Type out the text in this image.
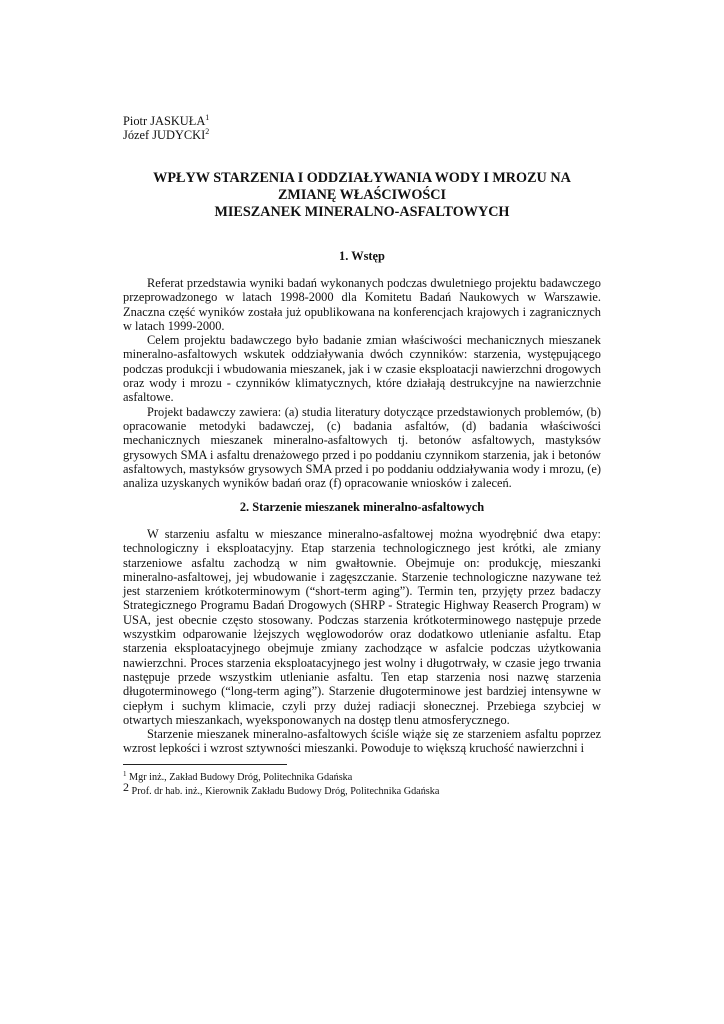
Piotr JASKUŁA$^1$
Józef JUDYCKI$^2$
WPŁYW STARZENIA I ODDZIAŁYWANIA WODY I MROZU NA
ZMIANĘ WŁAŚCIWOŚCI
MIESZANEK MINERALNO-ASFALTOWYCH
1. Wstęp

Referat przedstawia wyniki badań wykonanych podczas dwuletniego projektu badawczego przeprowadzonego w latach 1998-2000 dla Komitetu Badań Naukowych w Warszawie. Znaczna część wyników została już opublikowana na konferencjach krajowych i zagranicznych w latach 1999-2000.

Celem projektu badawczego było badanie zmian właściwości mechanicznych mieszanek mineralno-asfaltowych wskutek oddziaływania dwóch czynników: starzenia, występującego podczas produkcji i wbudowania mieszanek, jak i w czasie eksploatacji nawierzchni drogowych oraz wody i mrozu - czynników klimatycznych, które działają destrukcyjne na nawierzchnie asfaltowe.

Projekt badawczy zawiera: (a) studia literatury dotyczące przedstawionych problemów, (b) opracowanie metodyki badawczej, (c) badania asfaltów, (d) badania właściwości mechanicznych mieszanek mineralno-asfaltowych tj. betonów asfaltowych, mastyksów grysowych SMA i asfaltu drenażowego przed i po poddaniu czynnikom starzenia, jak i betonów asfaltowych, mastyksów grysowych SMA przed i po poddaniu oddziaływania wody i mrozu, (e) analiza uzyskanych wyników badań oraz (f) opracowanie wniosków i zaleceń.

2. Starzenie mieszanek mineralno-asfaltowych

W starzeniu asfaltu w mieszance mineralno-asfaltowej można wyodrębnić dwa etapy: technologiczny i eksploatacyjny. Etap starzenia technologicznego jest krótki, ale zmiany starzeniowe asfaltu zachodzą w nim gwałtownie. Obejmuje on: produkcję, mieszanki mineralno-asfaltowej, jej wbudowanie i zagęszczanie. Starzenie technologiczne nazywane też jest starzeniem krótkoterminowym (“short-term aging”). Termin ten, przyjęty przez badaczy Strategicznego Programu Badań Drogowych (SHRP - Strategic Highway Reaserch Program) w USA, jest obecnie często stosowany. Podczas starzenia krótkoterminowego następuje przede wszystkim odparowanie lżejszych węglowodorów oraz dodatkowo utlenianie asfaltu. Etap starzenia eksploatacyjnego obejmuje zmiany zachodzące w asfalcie podczas użytkowania nawierzchni. Proces starzenia eksploatacyjnego jest wolny i długotrwały, w czasie jego trwania następuje przede wszystkim utlenianie asfaltu. Ten etap starzenia nosi nazwę starzenia długoterminowego (“long-term aging”). Starzenie długoterminowe jest bardziej intensywne w ciepłym i suchym klimacie, czyli przy dużej radiacji słonecznej. Przebiega szybciej w otwartych mieszankach, wyeksponowanych na dostęp tlenu atmosferycznego.

Starzenie mieszanek mineralno-asfaltowych ściśle wiąże się ze starzeniem asfaltu poprzez wzrost lepkości i wzrost sztywności mieszanki. Powoduje to większą kruchość nawierzchni i

$^1$ Mgr inż., Zakład Budowy Dróg, Politechnika Gdańska
2 Prof. dr hab. inż., Kierownik Zakładu Budowy Dróg, Politechnika Gdańska
